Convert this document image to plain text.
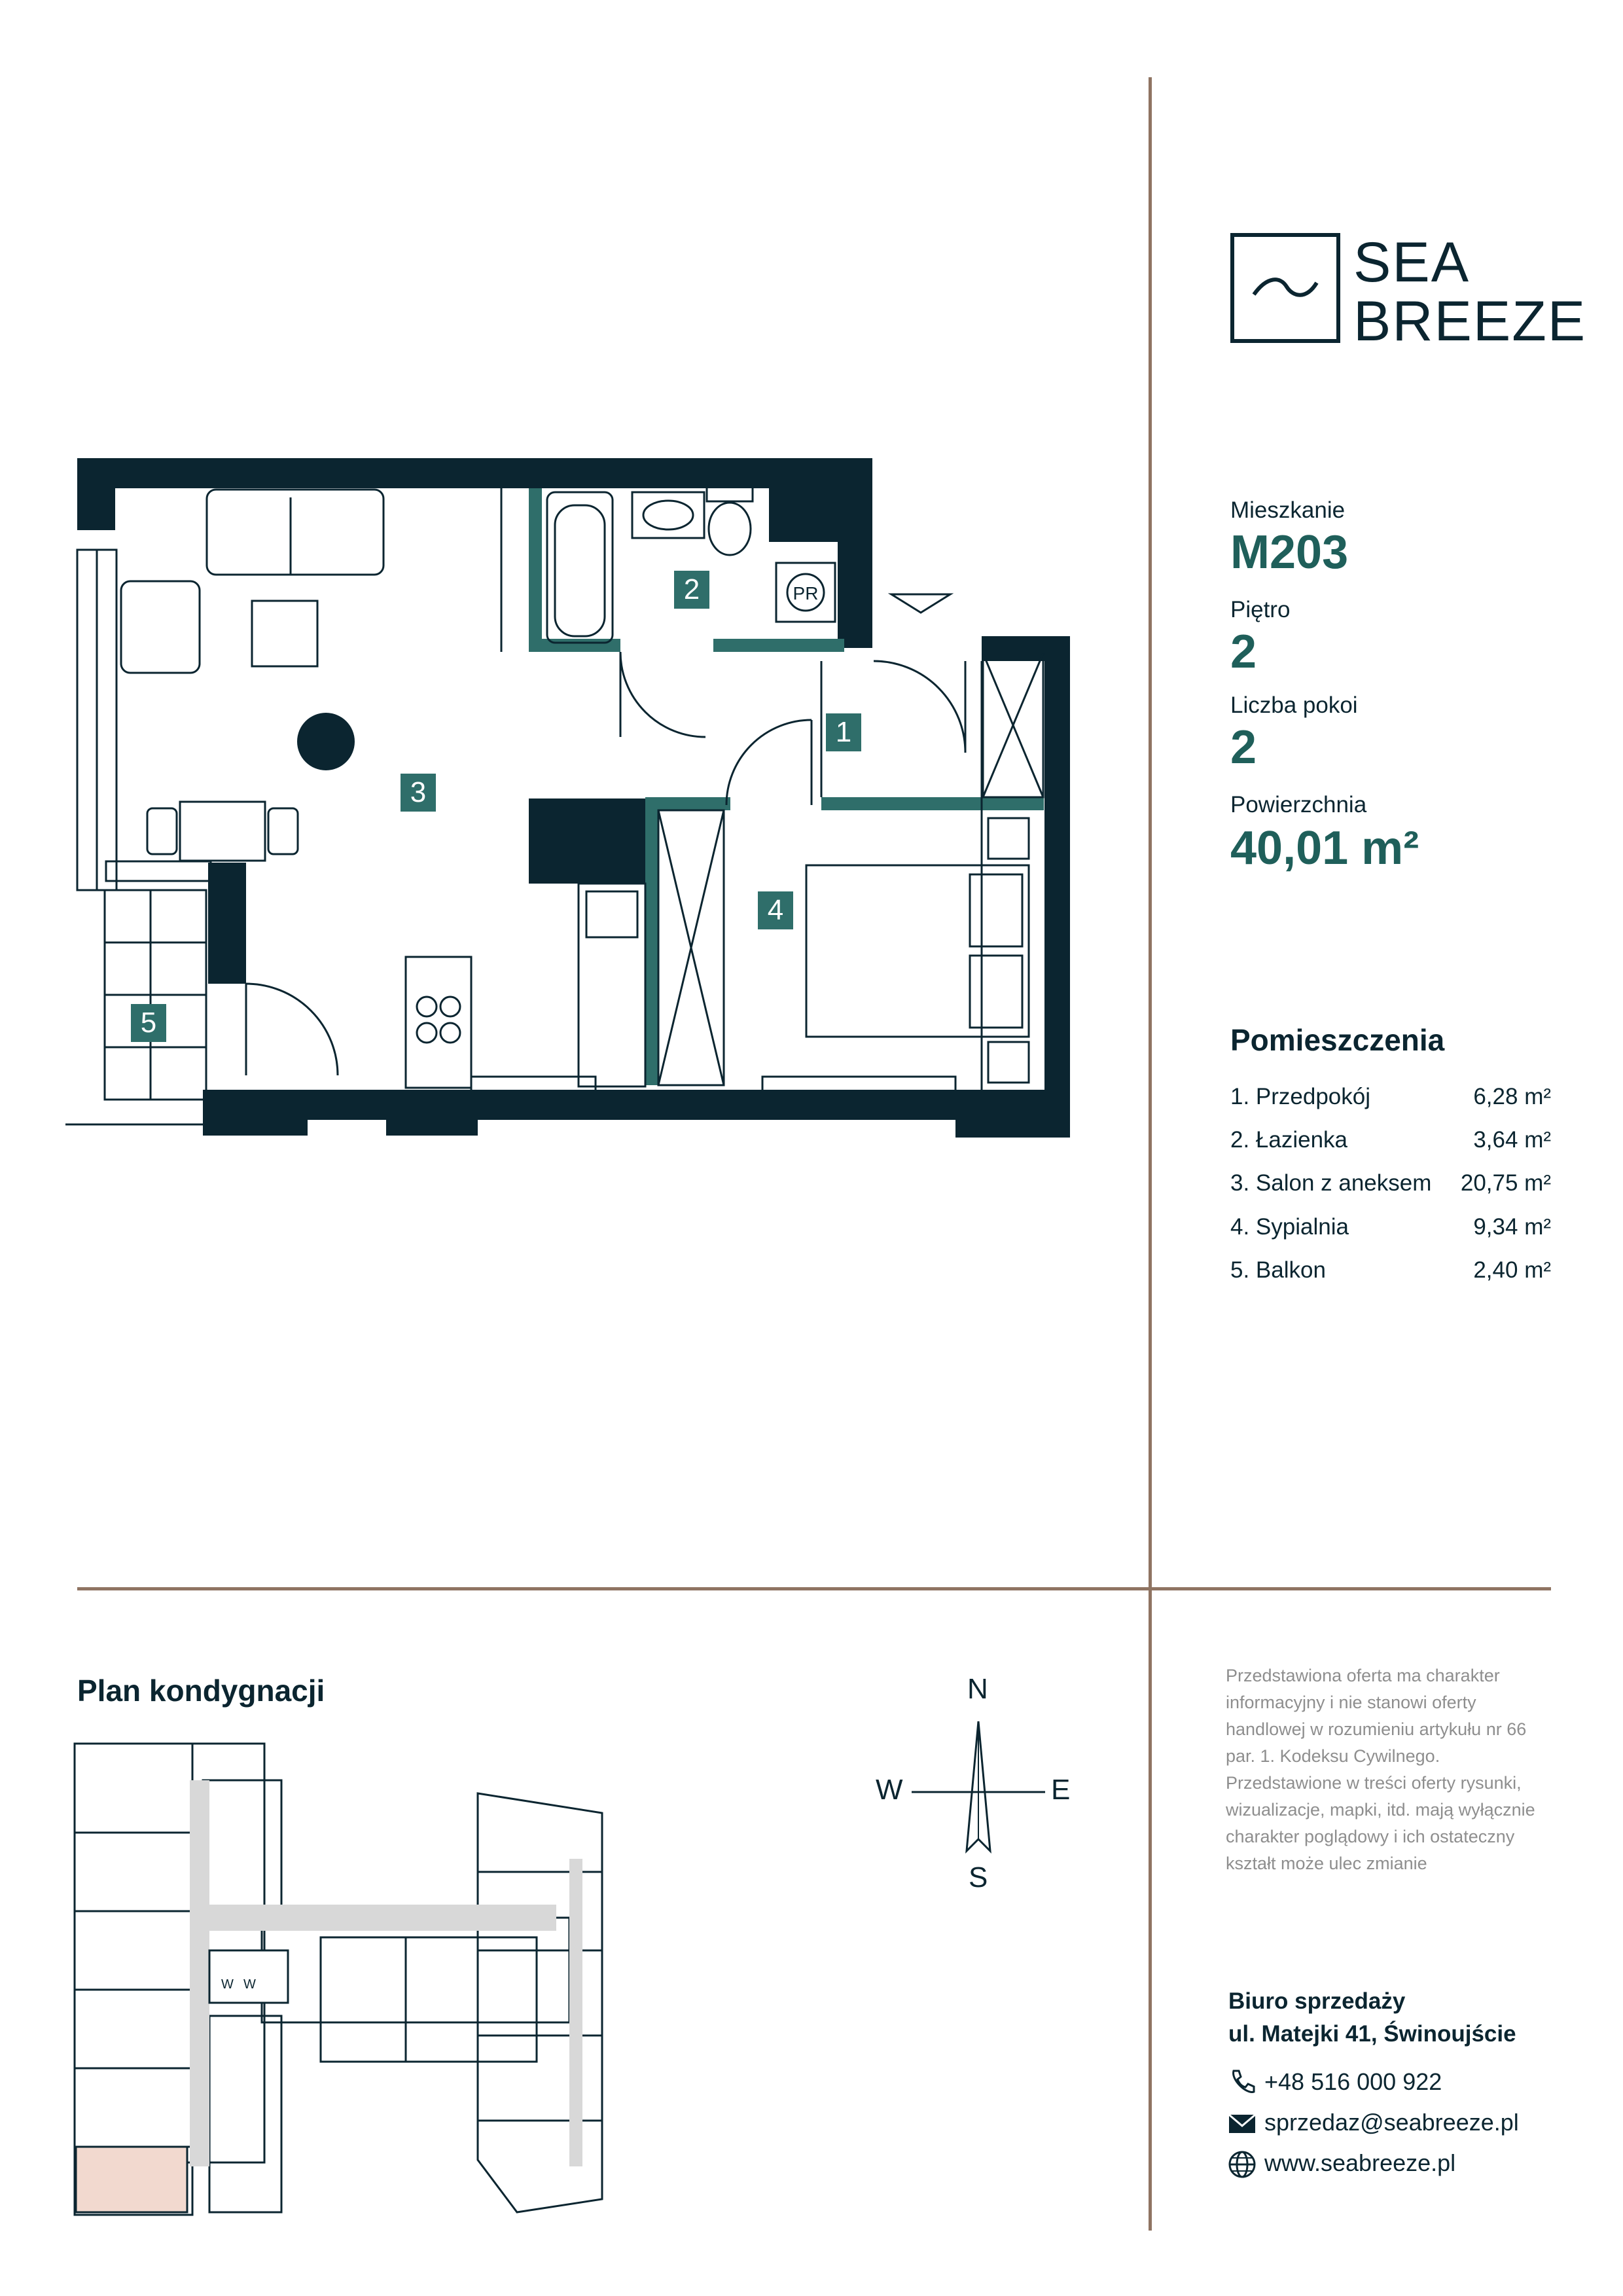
SEA
BREEZE
Mieszkanie
M203
Piętro
2
Liczba pokoi
2
Powierzchnia
40,01 m²
Pomieszczenia
1. Przedpokój	6,28 m²
2. Łazienka	3,64 m²
3. Salon z aneksem 20,75 m²
4. Sypialnia	9,34 m²
5. Balkon	2,40 m²
PR
1
2
3
4
5
Plan kondygnacji
W W
N
S
W	E

Przedstawiona oferta ma charakter informacyjny i nie stanowi oferty handlowej w rozumieniu artykułu nr 66 par. 1. Kodeksu Cywilnego. Przedstawione w treści oferty rysunki, wizualizacje, mapki, itd. mają wyłącznie charakter poglądowy i ich ostateczny kształt może ulec zmianie

Biuro sprzedaży
ul. Matejki 41, Świnoujście
+48 516 000 922
sprzedaz@seabreeze.pl
www.seabreeze.pl
